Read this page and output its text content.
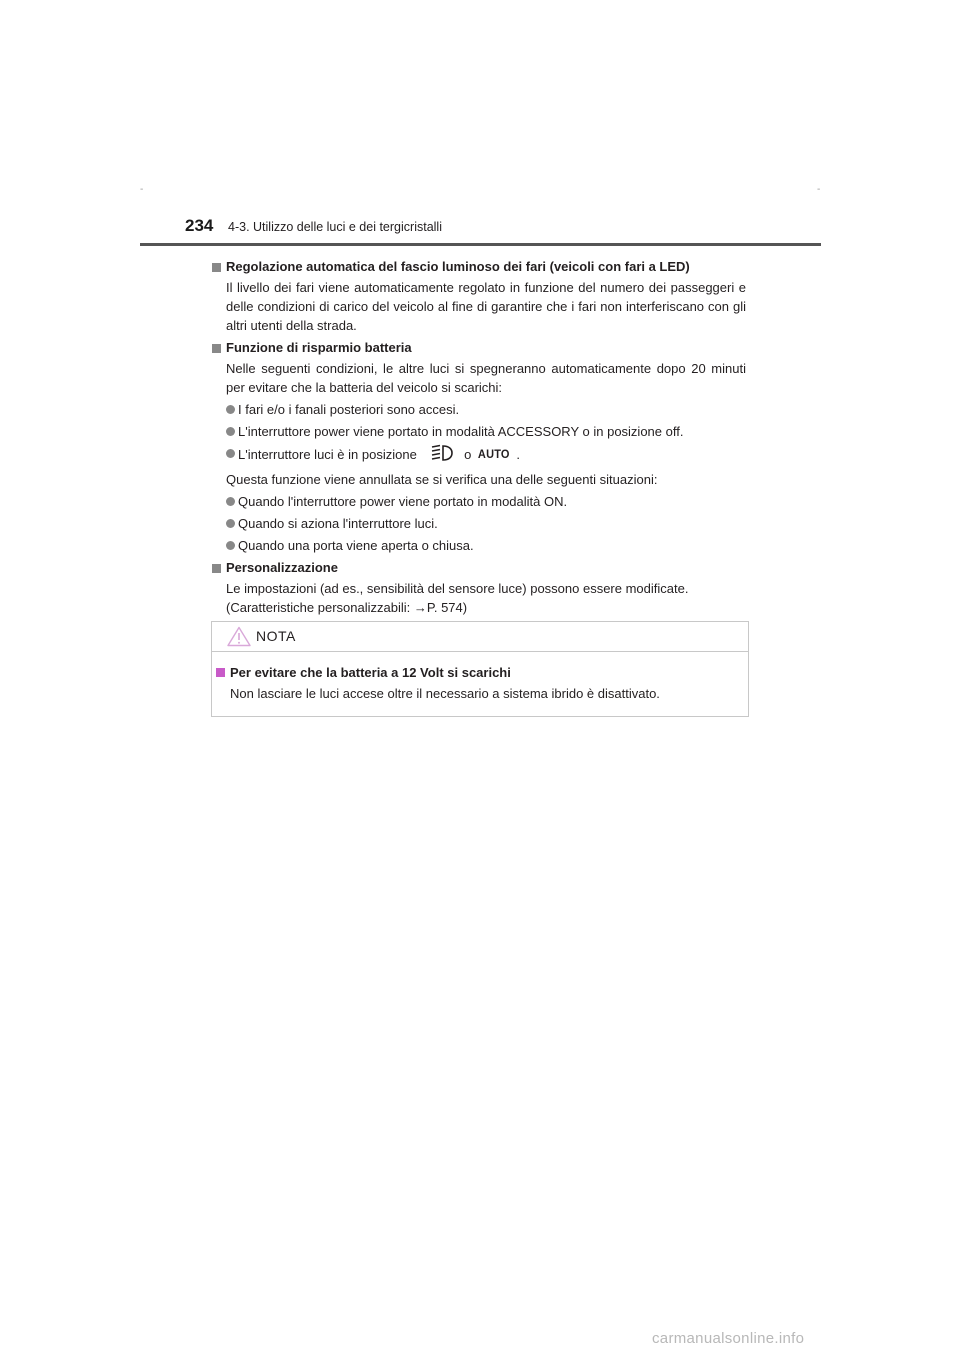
-	-
234 4-3. Utilizzo delle luci e dei tergicristalli
Regolazione automatica del fascio luminoso dei fari (veicoli con fari a LED)
Il livello dei fari viene automaticamente regolato in funzione del numero dei passeggeri e delle condizioni di carico del veicolo al fine di garantire che i fari non interferiscano con gli altri utenti della strada.
Funzione di risparmio batteria
Nelle seguenti condizioni, le altre luci si spegneranno automaticamente dopo 20 minuti per evitare che la batteria del veicolo si scarichi:
I fari e/o i fanali posteriori sono accesi.
L'interruttore power viene portato in modalità ACCESSORY o in posizione off.
L'interruttore luci è in posizione	o AUTO .
Questa funzione viene annullata se si verifica una delle seguenti situazioni:
Quando l'interruttore power viene portato in modalità ON.
Quando si aziona l'interruttore luci.
Quando una porta viene aperta o chiusa.
Personalizzazione
Le impostazioni (ad es., sensibilità del sensore luce) possono essere modificate.
(Caratteristiche personalizzabili: →P. 574)
NOTA
Per evitare che la batteria a 12 Volt si scarichi
Non lasciare le luci accese oltre il necessario a sistema ibrido è disattivato.
carmanualsonline.info
